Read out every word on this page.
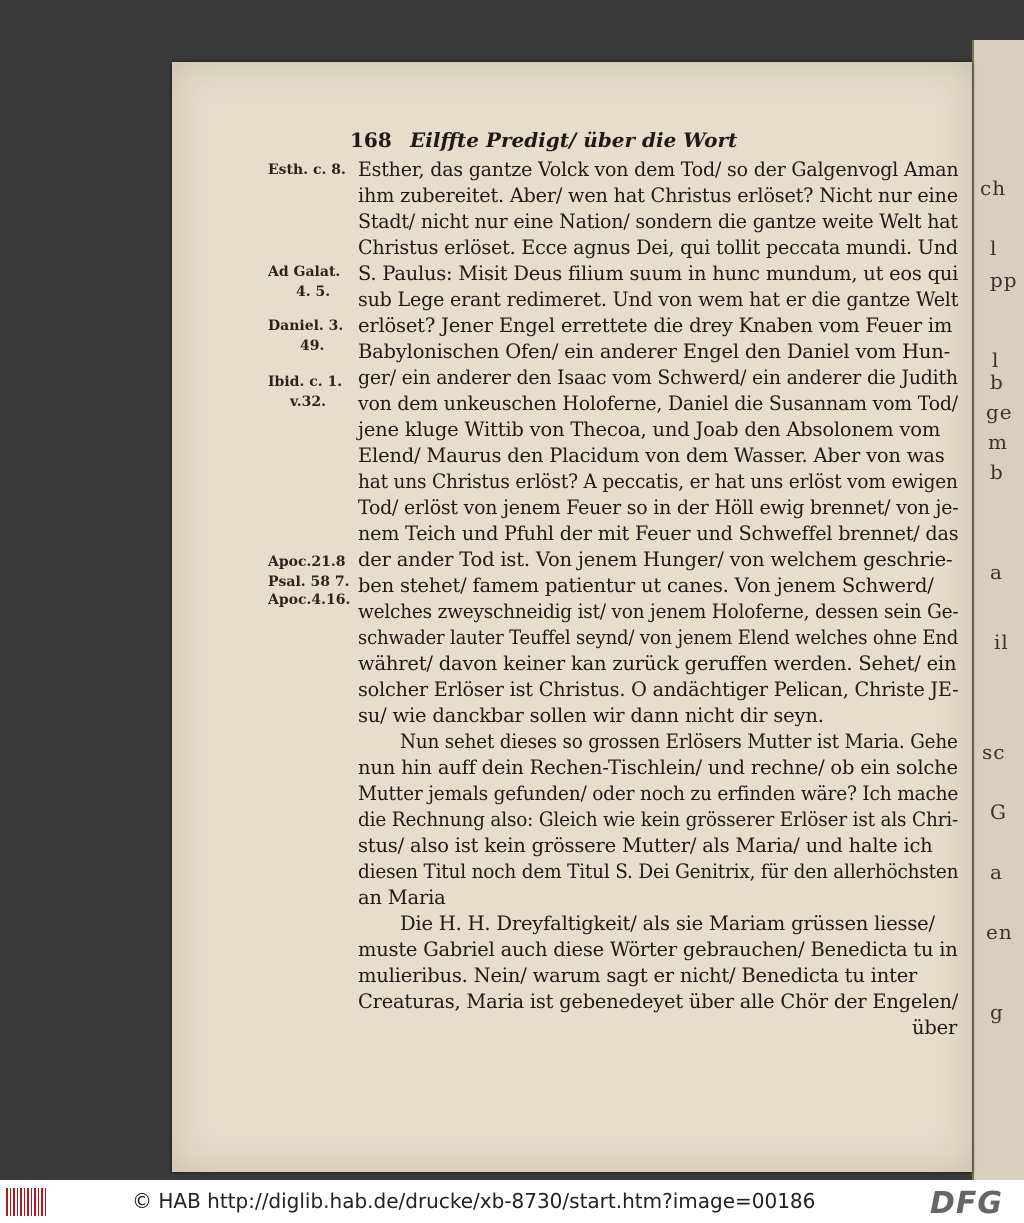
168 Eilffte Predigt/ über die Wort
Esth. c. 8.
Ad Galat.
4. 5.
Daniel. 3.
49.
Ibid. c. 1.
v.32.
Apoc.21.8
Psal. 58 7.
Apoc.4.16.
Esther, das gantze Volck von dem Tod/ so der Galgenvogl Aman
ihm zubereitet. Aber/ wen hat Christus erlöset? Nicht nur eine
Stadt/ nicht nur eine Nation/ sondern die gantze weite Welt hat
Christus erlöset. Ecce agnus Dei, qui tollit peccata mundi. Und
S. Paulus: Misit Deus filium suum in hunc mundum, ut eos qui
sub Lege erant redimeret. Und von wem hat er die gantze Welt
erlöset? Jener Engel errettete die drey Knaben vom Feuer im
Babylonischen Ofen/ ein anderer Engel den Daniel vom Hun-
ger/ ein anderer den Isaac vom Schwerd/ ein anderer die Judith
von dem unkeuschen Holoferne, Daniel die Susannam vom Tod/
jene kluge Wittib von Thecoa, und Joab den Absolonem vom
Elend/ Maurus den Placidum von dem Wasser. Aber von was
hat uns Christus erlöst? A peccatis, er hat uns erlöst vom ewigen
Tod/ erlöst von jenem Feuer so in der Höll ewig brennet/ von je-
nem Teich und Pfuhl der mit Feuer und Schweffel brennet/ das
der ander Tod ist. Von jenem Hunger/ von welchem geschrie-
ben stehet/ famem patientur ut canes. Von jenem Schwerd/
welches zweyschneidig ist/ von jenem Holoferne, dessen sein Ge-
schwader lauter Teuffel seynd/ von jenem Elend welches ohne End
währet/ davon keiner kan zurück geruffen werden. Sehet/ ein
solcher Erlöser ist Christus. O andächtiger Pelican, Christe JE-
su/ wie danckbar sollen wir dann nicht dir seyn.
Nun sehet dieses so grossen Erlösers Mutter ist Maria. Gehe
nun hin auff dein Rechen-Tischlein/ und rechne/ ob ein solche
Mutter jemals gefunden/ oder noch zu erfinden wäre? Ich mache
die Rechnung also: Gleich wie kein grösserer Erlöser ist als Chri-
stus/ also ist kein grössere Mutter/ als Maria/ und halte ich
diesen Titul noch dem Titul S. Dei Genitrix, für den allerhöchsten
an Maria
Die H. H. Dreyfaltigkeit/ als sie Mariam grüssen liesse/
muste Gabriel auch diese Wörter gebrauchen/ Benedicta tu in
mulieribus. Nein/ warum sagt er nicht/ Benedicta tu inter
Creaturas, Maria ist gebenedeyet über alle Chör der Engelen/
über
ch
l
pp
l
b
ge
m
b
a
il
sc
G
a
en
g
© HAB http://diglib.hab.de/drucke/xb-8730/start.htm?image=00186	DFG
